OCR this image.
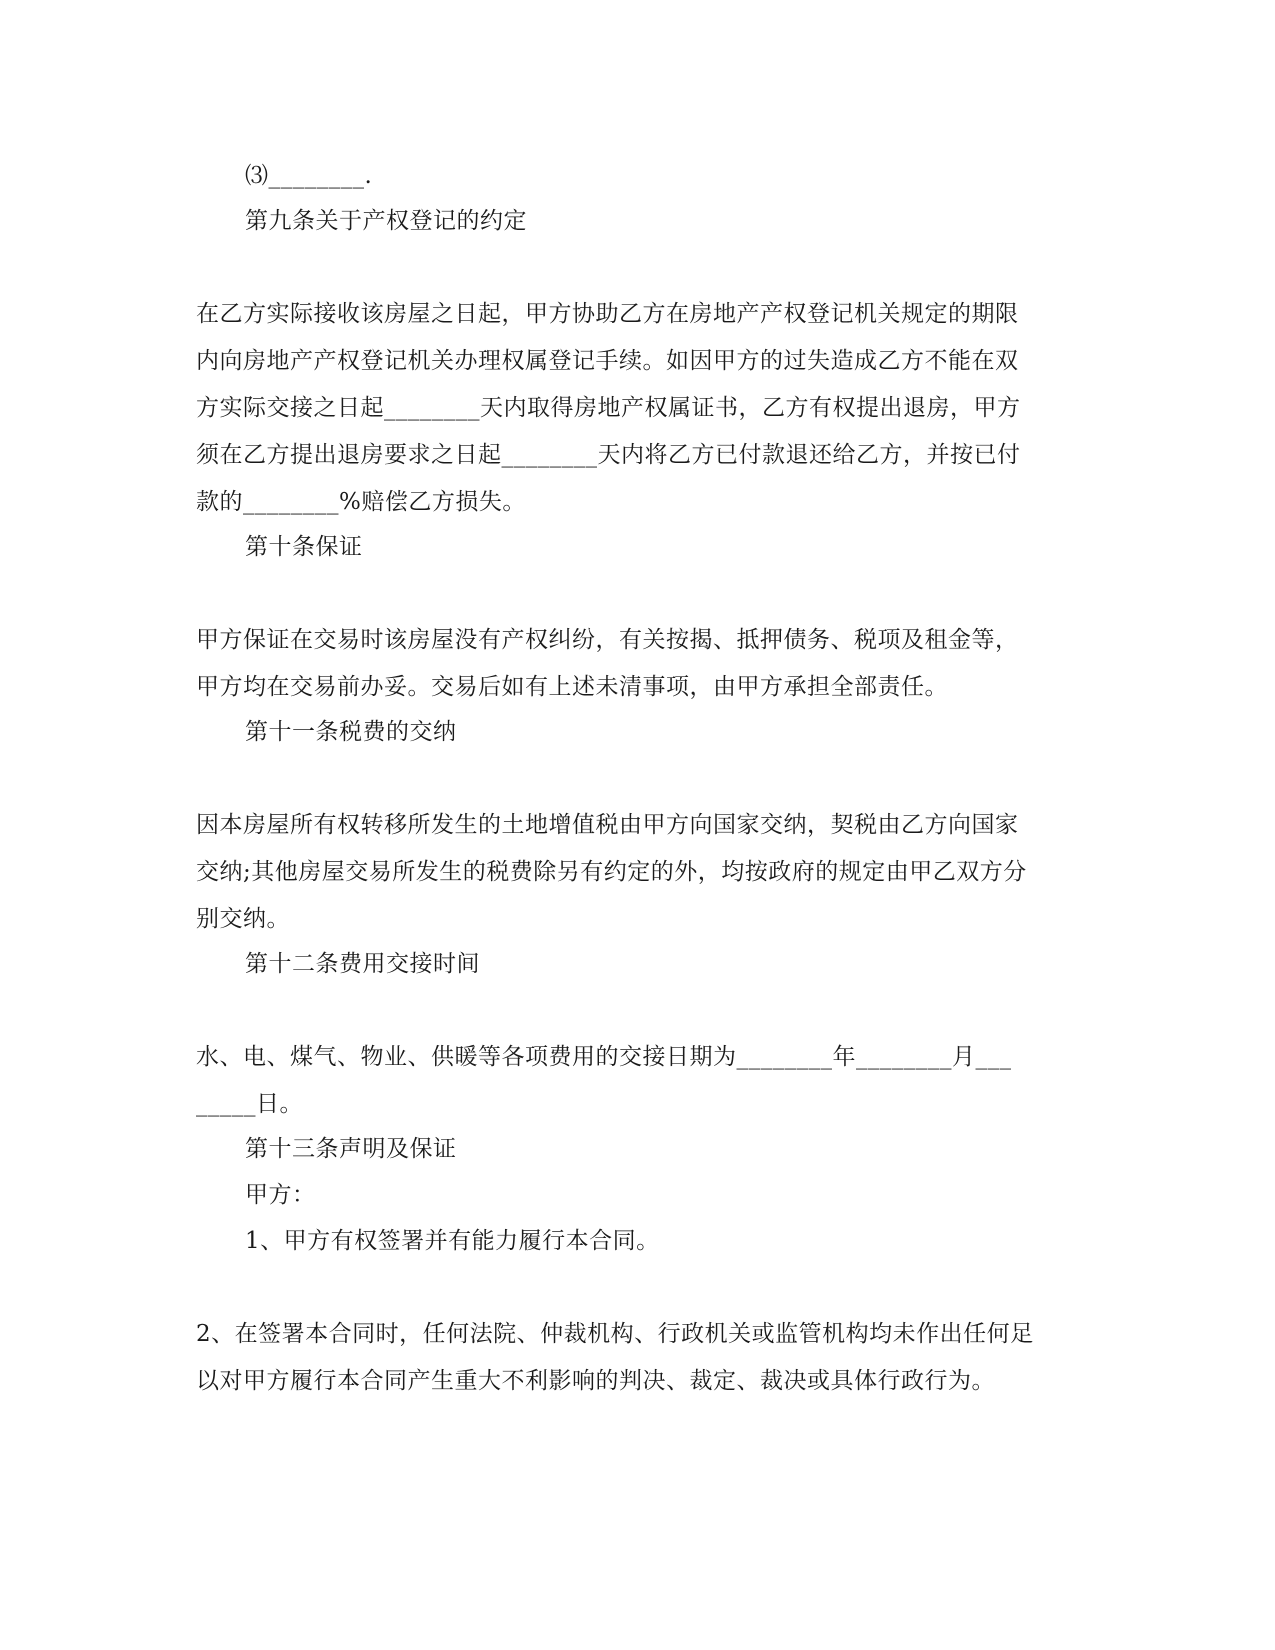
⑶________.
第九条关于产权登记的约定
在乙方实际接收该房屋之日起，甲方协助乙方在房地产产权登记机关规定的期限
内向房地产产权登记机关办理权属登记手续。如因甲方的过失造成乙方不能在双
方实际交接之日起________天内取得房地产权属证书，乙方有权提出退房，甲方
须在乙方提出退房要求之日起________天内将乙方已付款退还给乙方，并按已付
款的________%赔偿乙方损失。
第十条保证
甲方保证在交易时该房屋没有产权纠纷，有关按揭、抵押债务、税项及租金等，
甲方均在交易前办妥。交易后如有上述未清事项，由甲方承担全部责任。
第十一条税费的交纳
因本房屋所有权转移所发生的土地增值税由甲方向国家交纳，契税由乙方向国家
交纳;其他房屋交易所发生的税费除另有约定的外，均按政府的规定由甲乙双方分
别交纳。
第十二条费用交接时间
水、电、煤气、物业、供暖等各项费用的交接日期为________年________月___
_____日。
第十三条声明及保证
甲方：
1、甲方有权签署并有能力履行本合同。
2、在签署本合同时，任何法院、仲裁机构、行政机关或监管机构均未作出任何足
以对甲方履行本合同产生重大不利影响的判决、裁定、裁决或具体行政行为。
